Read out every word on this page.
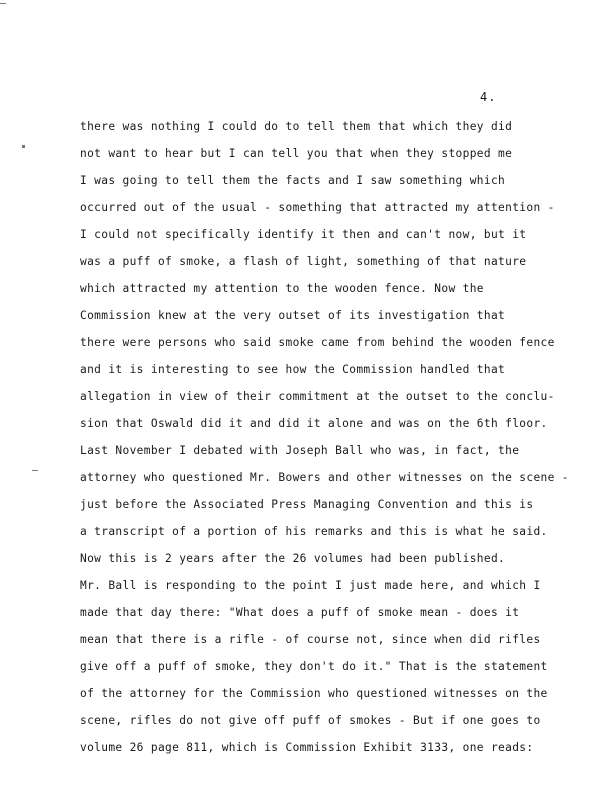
4.
there was nothing I could do to tell them that which they did
not want to hear but I can tell you that when they stopped me
I was going to tell them the facts and I saw something which
occurred out of the usual - something that attracted my attention -
I could not specifically identify it then and can't now, but it
was a puff of smoke, a flash of light, something of that nature
which attracted my attention to the wooden fence. Now the
Commission knew at the very outset of its investigation that
there were persons who said smoke came from behind the wooden fence
and it is interesting to see how the Commission handled that
allegation in view of their commitment at the outset to the conclu-
sion that Oswald did it and did it alone and was on the 6th floor.
Last November I debated with Joseph Ball who was, in fact, the
attorney who questioned Mr. Bowers and other witnesses on the scene -
just before the Associated Press Managing Convention and this is
a transcript of a portion of his remarks and this is what he said.
Now this is 2 years after the 26 volumes had been published.
Mr. Ball is responding to the point I just made here, and which I
made that day there: "What does a puff of smoke mean - does it
mean that there is a rifle - of course not, since when did rifles
give off a puff of smoke, they don't do it." That is the statement
of the attorney for the Commission who questioned witnesses on the
scene, rifles do not give off puff of smokes - But if one goes to
volume 26 page 811, which is Commission Exhibit 3133, one reads:
